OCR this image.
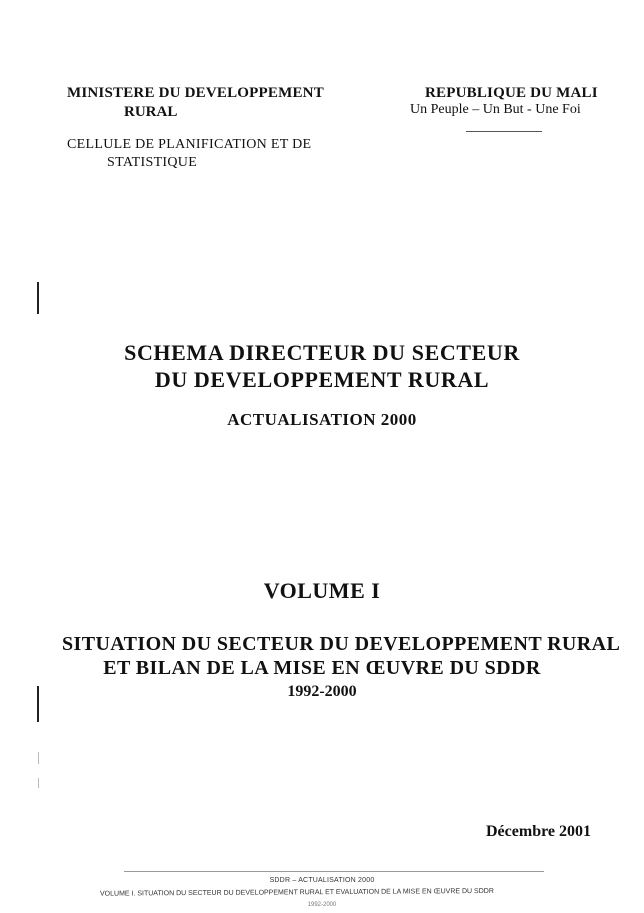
MINISTERE DU DEVELOPPEMENT
RURAL
CELLULE DE PLANIFICATION ET DE
STATISTIQUE
REPUBLIQUE DU MALI
Un Peuple – Un But - Une Foi
SCHEMA DIRECTEUR DU SECTEUR
DU DEVELOPPEMENT RURAL
ACTUALISATION 2000
VOLUME I
SITUATION DU SECTEUR DU DEVELOPPEMENT RURAL
ET BILAN DE LA MISE EN ŒUVRE DU SDDR
1992-2000
Décembre 2001
SDDR – ACTUALISATION 2000
VOLUME I. SITUATION DU SECTEUR DU DEVELOPPEMENT RURAL ET EVALUATION DE LA MISE EN ŒUVRE DU SDDR
1992-2000
